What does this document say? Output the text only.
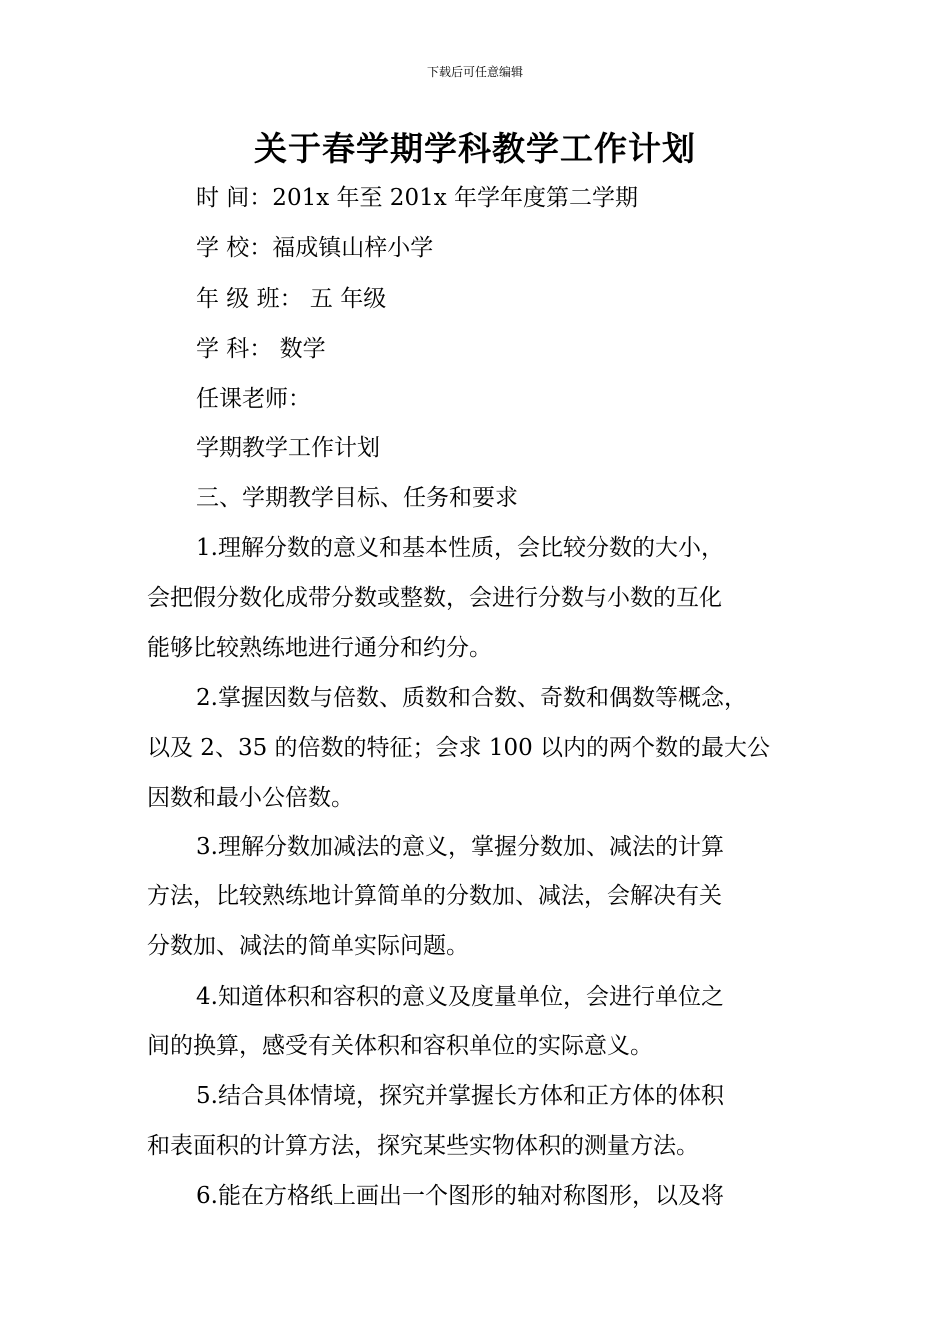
下载后可任意编辑
关于春学期学科教学工作计划
时 间：201x 年至 201x 年学年度第二学期
学 校：福成镇山梓小学
年 级 班： 五 年级
学 科： 数学
任课老师：
学期教学工作计划
三、学期教学目标、任务和要求
1.理解分数的意义和基本性质，会比较分数的大小，
会把假分数化成带分数或整数，会进行分数与小数的互化
能够比较熟练地进行通分和约分。
2.掌握因数与倍数、质数和合数、奇数和偶数等概念，
以及 2、35 的倍数的特征；会求 100 以内的两个数的最大公
因数和最小公倍数。
3.理解分数加减法的意义，掌握分数加、减法的计算
方法，比较熟练地计算简单的分数加、减法，会解决有关
分数加、减法的简单实际问题。
4.知道体积和容积的意义及度量单位，会进行单位之
间的换算，感受有关体积和容积单位的实际意义。
5.结合具体情境，探究并掌握长方体和正方体的体积
和表面积的计算方法，探究某些实物体积的测量方法。
6.能在方格纸上画出一个图形的轴对称图形，以及将
